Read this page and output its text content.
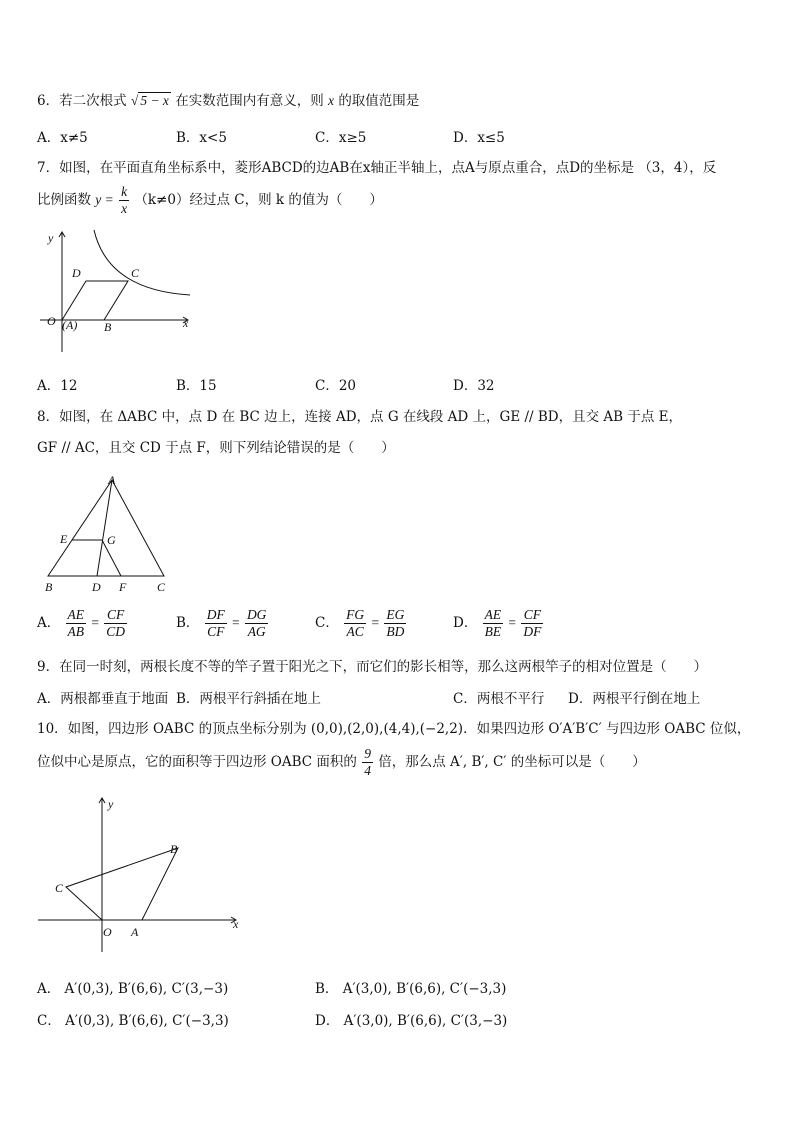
6．若二次根式 √ 5 − x 在实数范围内有意义，则 x 的取值范围是
A．x≠5	B．x<5	C．x≥5	D．x≤5
7．如图，在平面直角坐标系中，菱形ABCD的边AB在x轴正半轴上，点A与原点重合，点D的坐标是 （3，4），反
比例函数 $y = \frac{k}{x} (k\ne 0)$经过点 C，则 k 的值为（　　）
y
x
D	C
O (A) B
A．12	B．15	C．20	D．32
8．如图，在 ΔABC 中，点 D 在 BC 边上，连接 AD，点 G 在线段 AD 上，GE // BD，且交 AB 于点 E，
GF // AC，且交 CD 于点 F，则下列结论错误的是（　　）
A
E	G
B	D F	C
A． $\frac{AE}{AB} = \frac{CF}{CD}$	B． $\frac{DF}{CF} = \frac{DG}{AG}$	C． $\frac{FG}{AC} = \frac{EG}{BD}$	D． $\frac{AE}{BE} = \frac{CF}{DF}$
9．在同一时刻，两根长度不等的竿子置于阳光之下，而它们的影长相等，那么这两根竿子的相对位置是（　　）
A．两根都垂直于地面 B．两根平行斜插在地上	C．两根不平行 D．两根平行倒在地上
10．如图，四边形 OABC 的顶点坐标分别为 (0,0),(2,0),(4,4),(−2,2)．如果四边形 O′A′B′C′ 与四边形 OABC 位似，
位似中心是原点，它的面积等于四边形 OABC 面积的 $\frac{9}{4}$ 倍，那么点 A′, B′, C′ 的坐标可以是（　　）
y
x
B
C
O A
A． A′(0,3), B′(6,6), C′(3,−3)	B． A′(3,0), B′(6,6), C′(−3,3)
C． A′(0,3), B′(6,6), C′(−3,3)	D． A′(3,0), B′(6,6), C′(3,−3)
